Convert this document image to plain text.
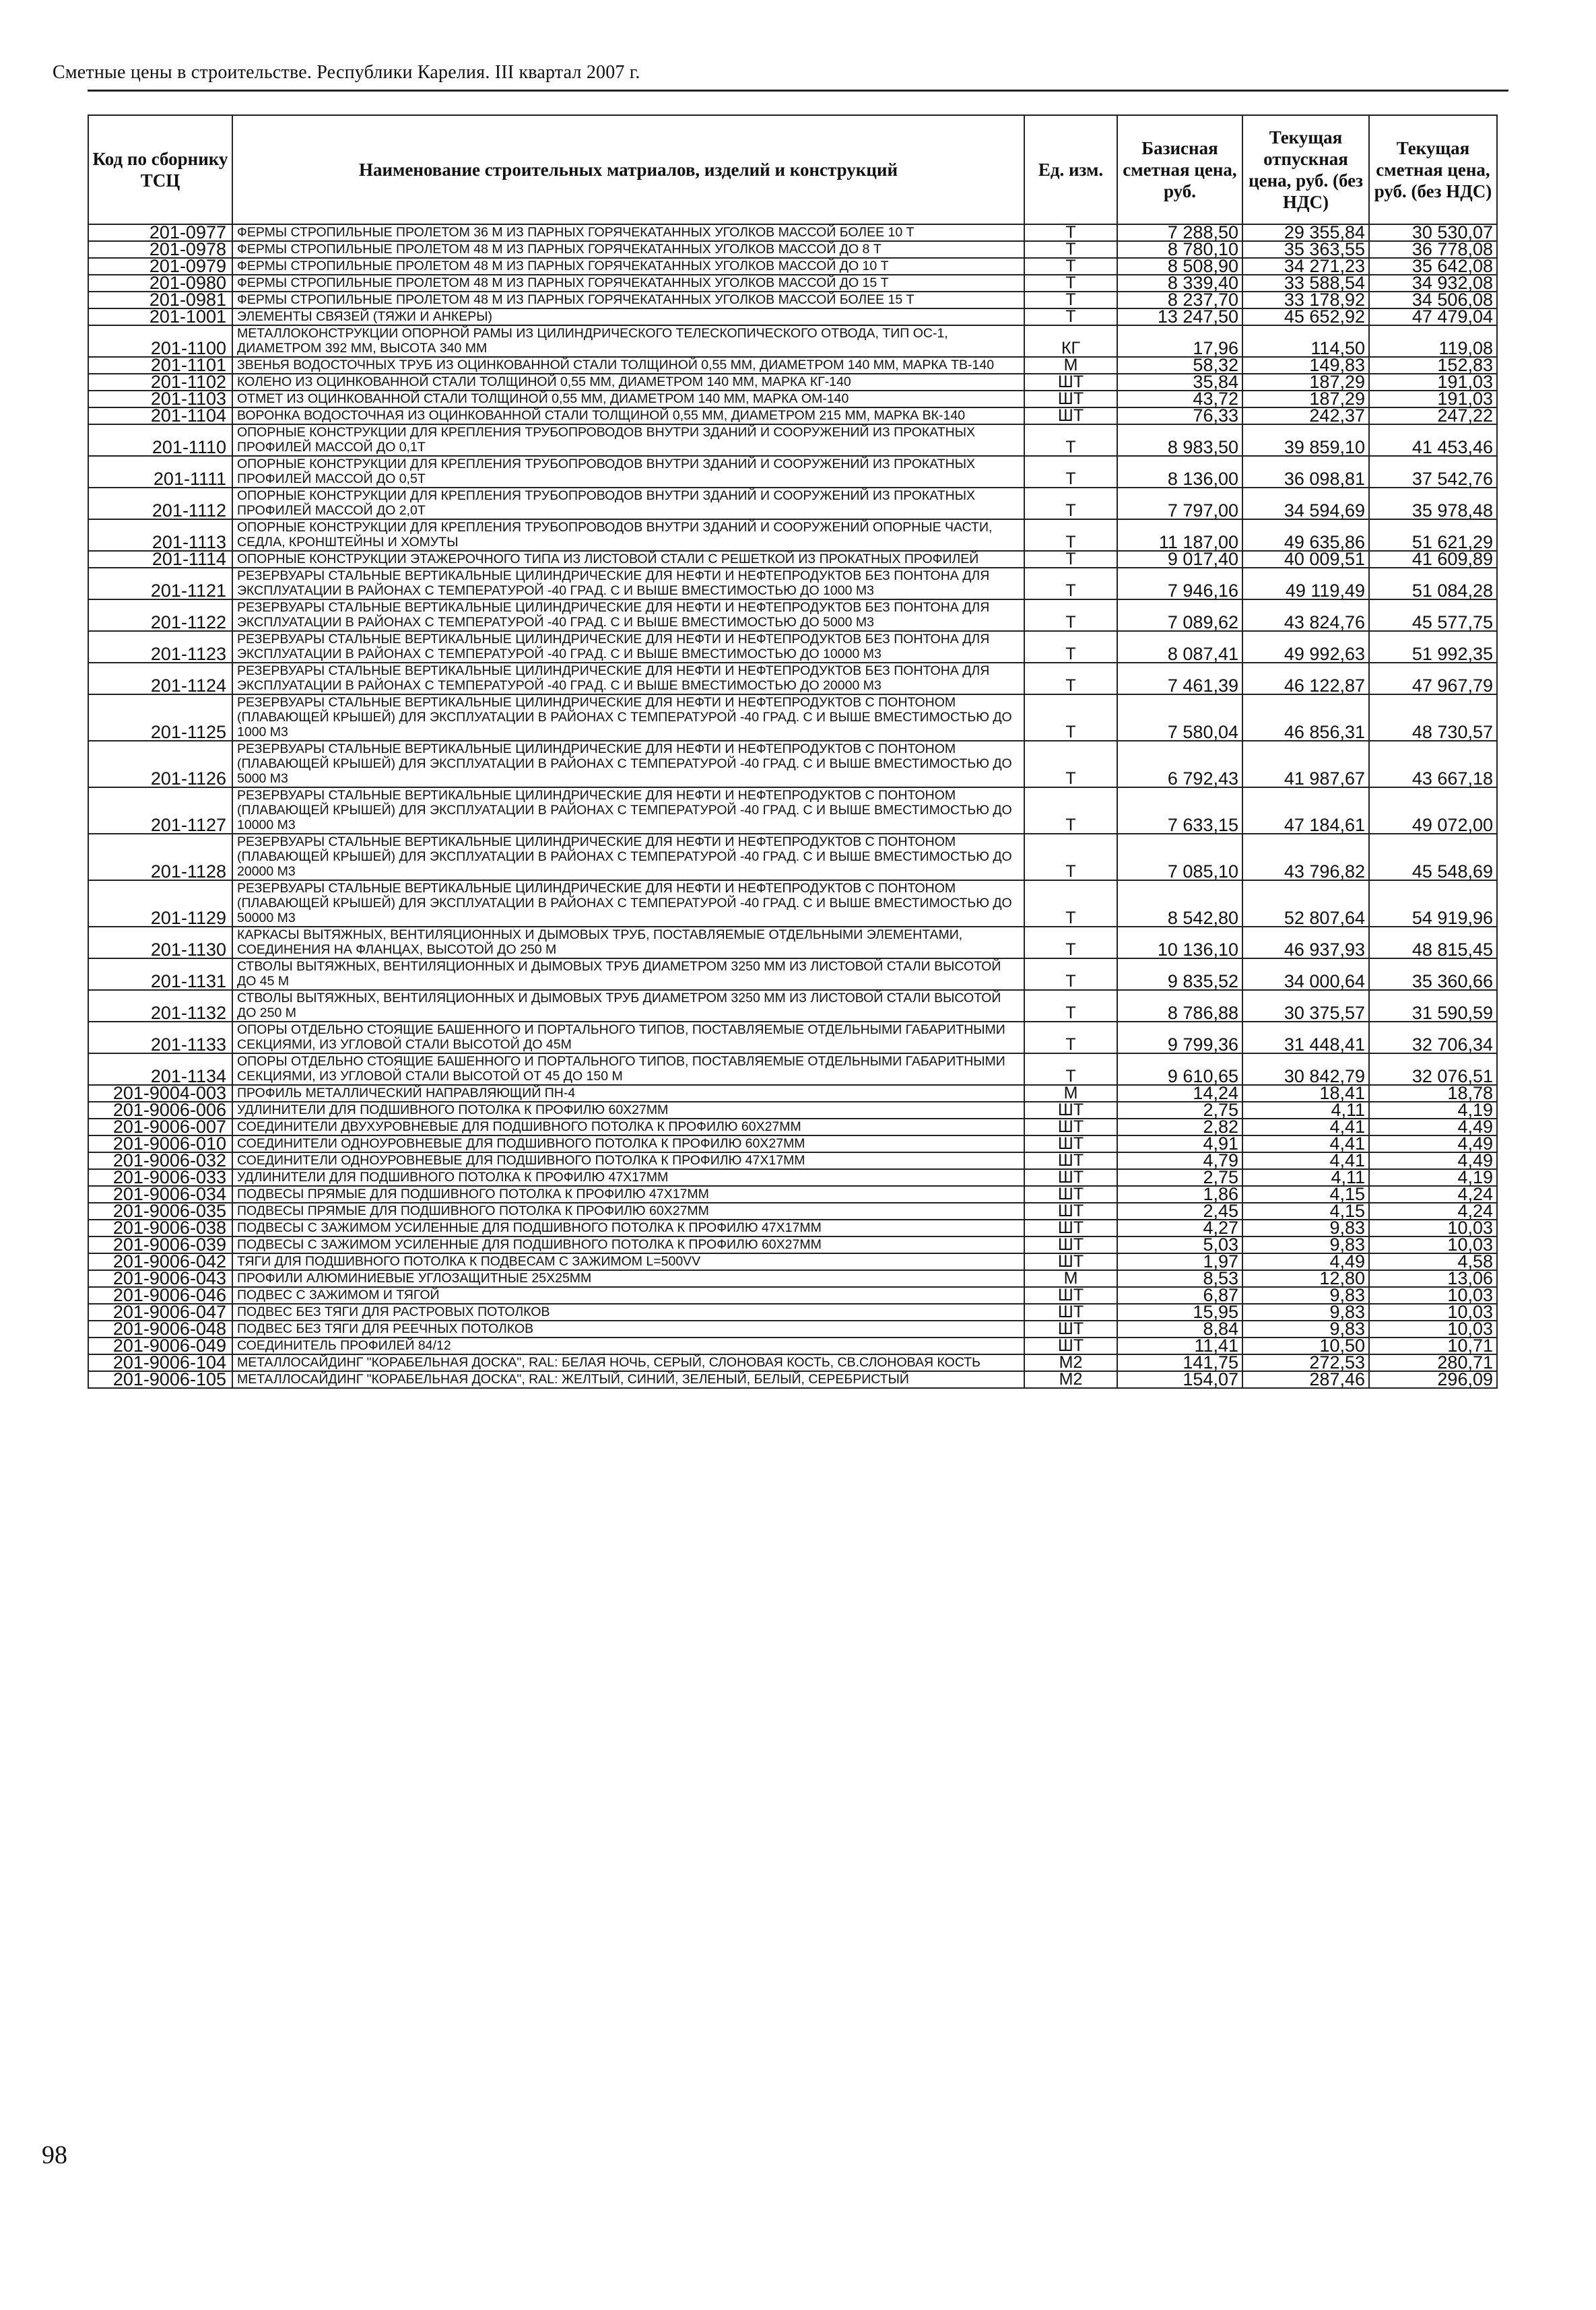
Сметные цены в строительстве. Республики Карелия. III квартал 2007 г.
Код по сборнику ТСЦ	Наименование строительных матриалов, изделий и конструкций	Ед. изм.	Базисная сметная цена, руб.	Текущая отпускная цена, руб. (без НДС)	Текущая сметная цена, руб. (без НДС)
201-0977	ФЕРМЫ СТРОПИЛЬНЫЕ ПРОЛЕТОМ 36 М ИЗ ПАРНЫХ ГОРЯЧЕКАТАННЫХ УГОЛКОВ МАССОЙ БОЛЕЕ 10 Т	Т	7 288,50	29 355,84	30 530,07
201-0978	ФЕРМЫ СТРОПИЛЬНЫЕ ПРОЛЕТОМ 48 М ИЗ ПАРНЫХ ГОРЯЧЕКАТАННЫХ УГОЛКОВ МАССОЙ ДО 8 Т	Т	8 780,10	35 363,55	36 778,08
201-0979	ФЕРМЫ СТРОПИЛЬНЫЕ ПРОЛЕТОМ 48 М ИЗ ПАРНЫХ ГОРЯЧЕКАТАННЫХ УГОЛКОВ МАССОЙ ДО 10 Т	Т	8 508,90	34 271,23	35 642,08
201-0980	ФЕРМЫ СТРОПИЛЬНЫЕ ПРОЛЕТОМ 48 М ИЗ ПАРНЫХ ГОРЯЧЕКАТАННЫХ УГОЛКОВ МАССОЙ ДО 15 Т	Т	8 339,40	33 588,54	34 932,08
201-0981	ФЕРМЫ СТРОПИЛЬНЫЕ ПРОЛЕТОМ 48 М ИЗ ПАРНЫХ ГОРЯЧЕКАТАННЫХ УГОЛКОВ МАССОЙ БОЛЕЕ 15 Т	Т	8 237,70	33 178,92	34 506,08
201-1001	ЭЛЕМЕНТЫ СВЯЗЕЙ (ТЯЖИ И АНКЕРЫ)	Т	13 247,50	45 652,92	47 479,04
201-1100	МЕТАЛЛОКОНСТРУКЦИИ ОПОРНОЙ РАМЫ ИЗ ЦИЛИНДРИЧЕСКОГО ТЕЛЕСКОПИЧЕСКОГО ОТВОДА, ТИП ОС-1, ДИАМЕТРОМ 392 ММ, ВЫСОТА 340 ММ	КГ	17,96	114,50	119,08
201-1101	ЗВЕНЬЯ ВОДОСТОЧНЫХ ТРУБ ИЗ ОЦИНКОВАННОЙ СТАЛИ ТОЛЩИНОЙ 0,55 ММ, ДИАМЕТРОМ 140 ММ, МАРКА ТВ-140	М	58,32	149,83	152,83
201-1102	КОЛЕНО ИЗ ОЦИНКОВАННОЙ СТАЛИ ТОЛЩИНОЙ 0,55 ММ, ДИАМЕТРОМ 140 ММ, МАРКА КГ-140	ШТ	35,84	187,29	191,03
201-1103	ОТМЕТ ИЗ ОЦИНКОВАННОЙ СТАЛИ ТОЛЩИНОЙ 0,55 ММ, ДИАМЕТРОМ 140 ММ, МАРКА ОМ-140	ШТ	43,72	187,29	191,03
201-1104	ВОРОНКА ВОДОСТОЧНАЯ ИЗ ОЦИНКОВАННОЙ СТАЛИ ТОЛЩИНОЙ 0,55 ММ, ДИАМЕТРОМ 215 ММ, МАРКА ВК-140	ШТ	76,33	242,37	247,22
201-1110	ОПОРНЫЕ КОНСТРУКЦИИ ДЛЯ КРЕПЛЕНИЯ ТРУБОПРОВОДОВ ВНУТРИ ЗДАНИЙ И СООРУЖЕНИЙ ИЗ ПРОКАТНЫХ ПРОФИЛЕЙ МАССОЙ ДО 0,1Т	Т	8 983,50	39 859,10	41 453,46
201-1111	ОПОРНЫЕ КОНСТРУКЦИИ ДЛЯ КРЕПЛЕНИЯ ТРУБОПРОВОДОВ ВНУТРИ ЗДАНИЙ И СООРУЖЕНИЙ ИЗ ПРОКАТНЫХ ПРОФИЛЕЙ МАССОЙ ДО 0,5Т	Т	8 136,00	36 098,81	37 542,76
201-1112	ОПОРНЫЕ КОНСТРУКЦИИ ДЛЯ КРЕПЛЕНИЯ ТРУБОПРОВОДОВ ВНУТРИ ЗДАНИЙ И СООРУЖЕНИЙ ИЗ ПРОКАТНЫХ ПРОФИЛЕЙ МАССОЙ ДО 2,0Т	Т	7 797,00	34 594,69	35 978,48
201-1113	ОПОРНЫЕ КОНСТРУКЦИИ ДЛЯ КРЕПЛЕНИЯ ТРУБОПРОВОДОВ ВНУТРИ ЗДАНИЙ И СООРУЖЕНИЙ ОПОРНЫЕ ЧАСТИ, СЕДЛА, КРОНШТЕЙНЫ И ХОМУТЫ	Т	11 187,00	49 635,86	51 621,29
201-1114	ОПОРНЫЕ КОНСТРУКЦИИ ЭТАЖЕРОЧНОГО ТИПА ИЗ ЛИСТОВОЙ СТАЛИ С РЕШЕТКОЙ ИЗ ПРОКАТНЫХ ПРОФИЛЕЙ	Т	9 017,40	40 009,51	41 609,89
201-1121	РЕЗЕРВУАРЫ СТАЛЬНЫЕ ВЕРТИКАЛЬНЫЕ ЦИЛИНДРИЧЕСКИЕ ДЛЯ НЕФТИ И НЕФТЕПРОДУКТОВ БЕЗ ПОНТОНА ДЛЯ ЭКСПЛУАТАЦИИ В РАЙОНАХ С ТЕМПЕРАТУРОЙ -40 ГРАД. С И ВЫШЕ ВМЕСТИМОСТЬЮ ДО 1000 М3	Т	7 946,16	49 119,49	51 084,28
201-1122	РЕЗЕРВУАРЫ СТАЛЬНЫЕ ВЕРТИКАЛЬНЫЕ ЦИЛИНДРИЧЕСКИЕ ДЛЯ НЕФТИ И НЕФТЕПРОДУКТОВ БЕЗ ПОНТОНА ДЛЯ ЭКСПЛУАТАЦИИ В РАЙОНАХ С ТЕМПЕРАТУРОЙ -40 ГРАД. С И ВЫШЕ ВМЕСТИМОСТЬЮ ДО 5000 М3	Т	7 089,62	43 824,76	45 577,75
201-1123	РЕЗЕРВУАРЫ СТАЛЬНЫЕ ВЕРТИКАЛЬНЫЕ ЦИЛИНДРИЧЕСКИЕ ДЛЯ НЕФТИ И НЕФТЕПРОДУКТОВ БЕЗ ПОНТОНА ДЛЯ ЭКСПЛУАТАЦИИ В РАЙОНАХ С ТЕМПЕРАТУРОЙ -40 ГРАД. С И ВЫШЕ ВМЕСТИМОСТЬЮ ДО 10000 М3	Т	8 087,41	49 992,63	51 992,35
201-1124	РЕЗЕРВУАРЫ СТАЛЬНЫЕ ВЕРТИКАЛЬНЫЕ ЦИЛИНДРИЧЕСКИЕ ДЛЯ НЕФТИ И НЕФТЕПРОДУКТОВ БЕЗ ПОНТОНА ДЛЯ ЭКСПЛУАТАЦИИ В РАЙОНАХ С ТЕМПЕРАТУРОЙ -40 ГРАД. С И ВЫШЕ ВМЕСТИМОСТЬЮ ДО 20000 М3	Т	7 461,39	46 122,87	47 967,79
201-1125	РЕЗЕРВУАРЫ СТАЛЬНЫЕ ВЕРТИКАЛЬНЫЕ ЦИЛИНДРИЧЕСКИЕ ДЛЯ НЕФТИ И НЕФТЕПРОДУКТОВ С ПОНТОНОМ (ПЛАВАЮЩЕЙ КРЫШЕЙ) ДЛЯ ЭКСПЛУАТАЦИИ В РАЙОНАХ С ТЕМПЕРАТУРОЙ -40 ГРАД. С И ВЫШЕ ВМЕСТИМОСТЬЮ ДО 1000 М3	Т	7 580,04	46 856,31	48 730,57
201-1126	РЕЗЕРВУАРЫ СТАЛЬНЫЕ ВЕРТИКАЛЬНЫЕ ЦИЛИНДРИЧЕСКИЕ ДЛЯ НЕФТИ И НЕФТЕПРОДУКТОВ С ПОНТОНОМ (ПЛАВАЮЩЕЙ КРЫШЕЙ) ДЛЯ ЭКСПЛУАТАЦИИ В РАЙОНАХ С ТЕМПЕРАТУРОЙ -40 ГРАД. С И ВЫШЕ ВМЕСТИМОСТЬЮ ДО 5000 М3	Т	6 792,43	41 987,67	43 667,18
201-1127	РЕЗЕРВУАРЫ СТАЛЬНЫЕ ВЕРТИКАЛЬНЫЕ ЦИЛИНДРИЧЕСКИЕ ДЛЯ НЕФТИ И НЕФТЕПРОДУКТОВ С ПОНТОНОМ (ПЛАВАЮЩЕЙ КРЫШЕЙ) ДЛЯ ЭКСПЛУАТАЦИИ В РАЙОНАХ С ТЕМПЕРАТУРОЙ -40 ГРАД. С И ВЫШЕ ВМЕСТИМОСТЬЮ ДО 10000 М3	Т	7 633,15	47 184,61	49 072,00
201-1128	РЕЗЕРВУАРЫ СТАЛЬНЫЕ ВЕРТИКАЛЬНЫЕ ЦИЛИНДРИЧЕСКИЕ ДЛЯ НЕФТИ И НЕФТЕПРОДУКТОВ С ПОНТОНОМ (ПЛАВАЮЩЕЙ КРЫШЕЙ) ДЛЯ ЭКСПЛУАТАЦИИ В РАЙОНАХ С ТЕМПЕРАТУРОЙ -40 ГРАД. С И ВЫШЕ ВМЕСТИМОСТЬЮ ДО 20000 М3	Т	7 085,10	43 796,82	45 548,69
201-1129	РЕЗЕРВУАРЫ СТАЛЬНЫЕ ВЕРТИКАЛЬНЫЕ ЦИЛИНДРИЧЕСКИЕ ДЛЯ НЕФТИ И НЕФТЕПРОДУКТОВ С ПОНТОНОМ (ПЛАВАЮЩЕЙ КРЫШЕЙ) ДЛЯ ЭКСПЛУАТАЦИИ В РАЙОНАХ С ТЕМПЕРАТУРОЙ -40 ГРАД. С И ВЫШЕ ВМЕСТИМОСТЬЮ ДО 50000 М3	Т	8 542,80	52 807,64	54 919,96
201-1130	КАРКАСЫ ВЫТЯЖНЫХ, ВЕНТИЛЯЦИОННЫХ И ДЫМОВЫХ ТРУБ, ПОСТАВЛЯЕМЫЕ ОТДЕЛЬНЫМИ ЭЛЕМЕНТАМИ, СОЕДИНЕНИЯ НА ФЛАНЦАХ, ВЫСОТОЙ ДО 250 М	Т	10 136,10	46 937,93	48 815,45
201-1131	СТВОЛЫ ВЫТЯЖНЫХ, ВЕНТИЛЯЦИОННЫХ И ДЫМОВЫХ ТРУБ ДИАМЕТРОМ 3250 ММ ИЗ ЛИСТОВОЙ СТАЛИ ВЫСОТОЙ ДО 45 М	Т	9 835,52	34 000,64	35 360,66
201-1132	СТВОЛЫ ВЫТЯЖНЫХ, ВЕНТИЛЯЦИОННЫХ И ДЫМОВЫХ ТРУБ ДИАМЕТРОМ 3250 ММ ИЗ ЛИСТОВОЙ СТАЛИ ВЫСОТОЙ ДО 250 М	Т	8 786,88	30 375,57	31 590,59
201-1133	ОПОРЫ ОТДЕЛЬНО СТОЯЩИЕ БАШЕННОГО И ПОРТАЛЬНОГО ТИПОВ, ПОСТАВЛЯЕМЫЕ ОТДЕЛЬНЫМИ ГАБАРИТНЫМИ СЕКЦИЯМИ, ИЗ УГЛОВОЙ СТАЛИ ВЫСОТОЙ ДО 45М	Т	9 799,36	31 448,41	32 706,34
201-1134	ОПОРЫ ОТДЕЛЬНО СТОЯЩИЕ БАШЕННОГО И ПОРТАЛЬНОГО ТИПОВ, ПОСТАВЛЯЕМЫЕ ОТДЕЛЬНЫМИ ГАБАРИТНЫМИ СЕКЦИЯМИ, ИЗ УГЛОВОЙ СТАЛИ ВЫСОТОЙ ОТ 45 ДО 150 М	Т	9 610,65	30 842,79	32 076,51
201-9004-003	ПРОФИЛЬ МЕТАЛЛИЧЕСКИЙ НАПРАВЛЯЮЩИЙ ПН-4	М	14,24	18,41	18,78
201-9006-006	УДЛИНИТЕЛИ ДЛЯ ПОДШИВНОГО ПОТОЛКА К ПРОФИЛЮ 60Х27ММ	ШТ	2,75	4,11	4,19
201-9006-007	СОЕДИНИТЕЛИ ДВУХУРОВНЕВЫЕ ДЛЯ ПОДШИВНОГО ПОТОЛКА К ПРОФИЛЮ 60Х27ММ	ШТ	2,82	4,41	4,49
201-9006-010	СОЕДИНИТЕЛИ ОДНОУРОВНЕВЫЕ ДЛЯ ПОДШИВНОГО ПОТОЛКА К ПРОФИЛЮ 60Х27ММ	ШТ	4,91	4,41	4,49
201-9006-032	СОЕДИНИТЕЛИ ОДНОУРОВНЕВЫЕ ДЛЯ ПОДШИВНОГО ПОТОЛКА К ПРОФИЛЮ 47Х17ММ	ШТ	4,79	4,41	4,49
201-9006-033	УДЛИНИТЕЛИ ДЛЯ ПОДШИВНОГО ПОТОЛКА К ПРОФИЛЮ 47Х17ММ	ШТ	2,75	4,11	4,19
201-9006-034	ПОДВЕСЫ ПРЯМЫЕ ДЛЯ ПОДШИВНОГО ПОТОЛКА К ПРОФИЛЮ 47Х17ММ	ШТ	1,86	4,15	4,24
201-9006-035	ПОДВЕСЫ ПРЯМЫЕ ДЛЯ ПОДШИВНОГО ПОТОЛКА К ПРОФИЛЮ 60Х27ММ	ШТ	2,45	4,15	4,24
201-9006-038	ПОДВЕСЫ С ЗАЖИМОМ УСИЛЕННЫЕ ДЛЯ ПОДШИВНОГО ПОТОЛКА К ПРОФИЛЮ 47Х17ММ	ШТ	4,27	9,83	10,03
201-9006-039	ПОДВЕСЫ С ЗАЖИМОМ УСИЛЕННЫЕ ДЛЯ ПОДШИВНОГО ПОТОЛКА К ПРОФИЛЮ 60Х27ММ	ШТ	5,03	9,83	10,03
201-9006-042	ТЯГИ ДЛЯ ПОДШИВНОГО ПОТОЛКА К ПОДВЕСАМ С ЗАЖИМОМ L=500VV	ШТ	1,97	4,49	4,58
201-9006-043	ПРОФИЛИ АЛЮМИНИЕВЫЕ УГЛОЗАЩИТНЫЕ 25Х25ММ	М	8,53	12,80	13,06
201-9006-046	ПОДВЕС С ЗАЖИМОМ И ТЯГОЙ	ШТ	6,87	9,83	10,03
201-9006-047	ПОДВЕС БЕЗ ТЯГИ ДЛЯ РАСТРОВЫХ ПОТОЛКОВ	ШТ	15,95	9,83	10,03
201-9006-048	ПОДВЕС БЕЗ ТЯГИ ДЛЯ РЕЕЧНЫХ ПОТОЛКОВ	ШТ	8,84	9,83	10,03
201-9006-049	СОЕДИНИТЕЛЬ ПРОФИЛЕЙ 84/12	ШТ	11,41	10,50	10,71
201-9006-104	МЕТАЛЛОСАЙДИНГ "КОРАБЕЛЬНАЯ ДОСКА", RAL: БЕЛАЯ НОЧЬ, СЕРЫЙ, СЛОНОВАЯ КОСТЬ, СВ.СЛОНОВАЯ КОСТЬ	М2	141,75	272,53	280,71
201-9006-105	МЕТАЛЛОСАЙДИНГ "КОРАБЕЛЬНАЯ ДОСКА", RAL: ЖЕЛТЫЙ, СИНИЙ, ЗЕЛЕНЫЙ, БЕЛЫЙ, СЕРЕБРИСТЫЙ	М2	154,07	287,46	296,09
98
